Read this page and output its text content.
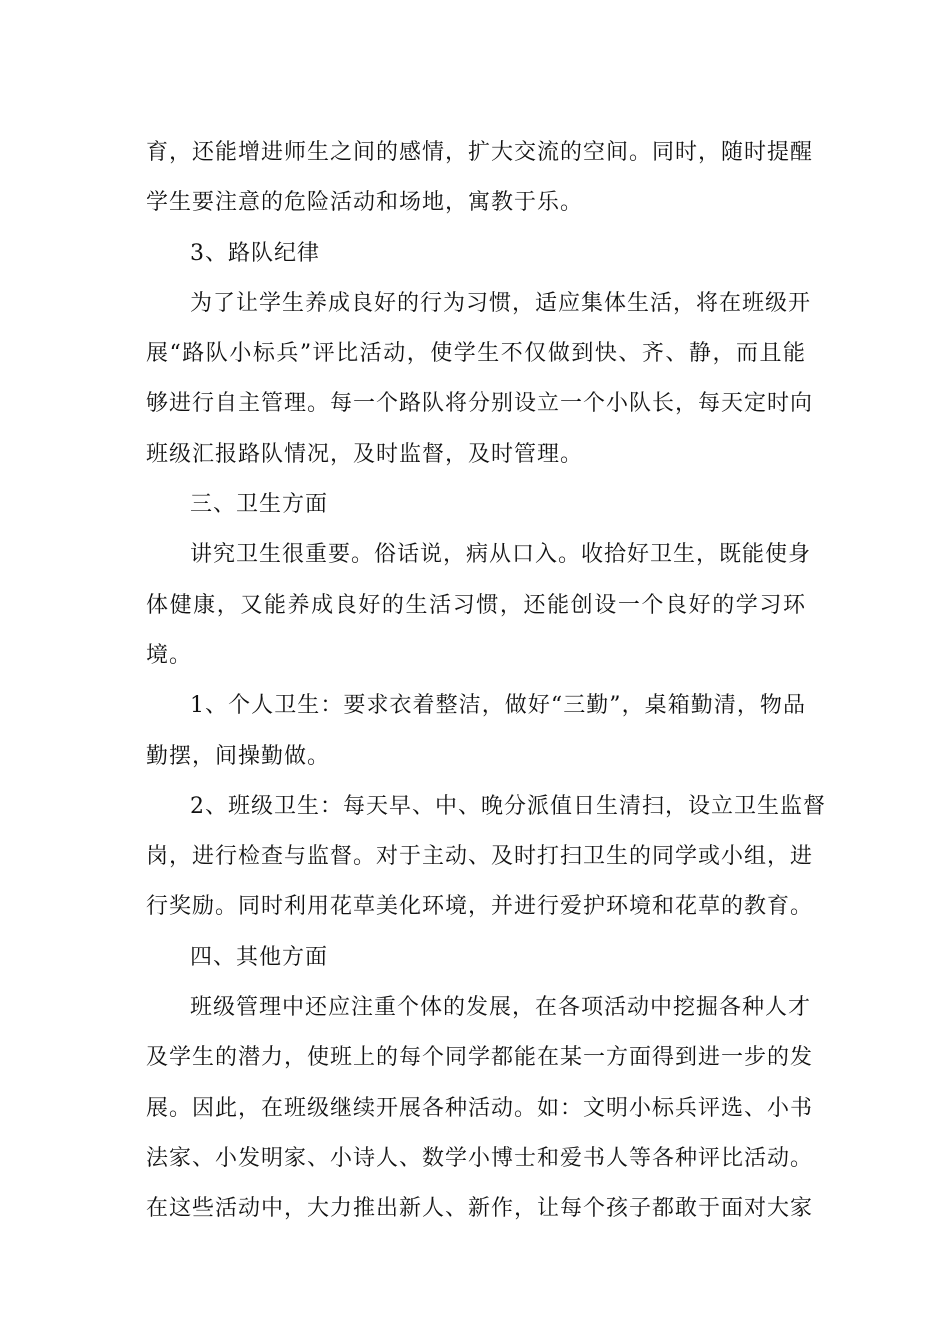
育，还能增进师生之间的感情，扩大交流的空间。同时，随时提醒
学生要注意的危险活动和场地，寓教于乐。
3、路队纪律
为了让学生养成良好的行为习惯，适应集体生活，将在班级开
展“路队小标兵”评比活动，使学生不仅做到快、齐、静，而且能
够进行自主管理。每一个路队将分别设立一个小队长，每天定时向
班级汇报路队情况，及时监督，及时管理。
三、卫生方面
讲究卫生很重要。俗话说，病从口入。收拾好卫生，既能使身
体健康，又能养成良好的生活习惯，还能创设一个良好的学习环
境。
1、个人卫生：要求衣着整洁，做好“三勤”，桌箱勤清，物品
勤摆，间操勤做。
2、班级卫生：每天早、中、晚分派值日生清扫，设立卫生监督
岗，进行检查与监督。对于主动、及时打扫卫生的同学或小组，进
行奖励。同时利用花草美化环境，并进行爱护环境和花草的教育。
四、其他方面
班级管理中还应注重个体的发展，在各项活动中挖掘各种人才
及学生的潜力，使班上的每个同学都能在某一方面得到进一步的发
展。因此，在班级继续开展各种活动。如：文明小标兵评选、小书
法家、小发明家、小诗人、数学小博士和爱书人等各种评比活动。
在这些活动中，大力推出新人、新作，让每个孩子都敢于面对大家
